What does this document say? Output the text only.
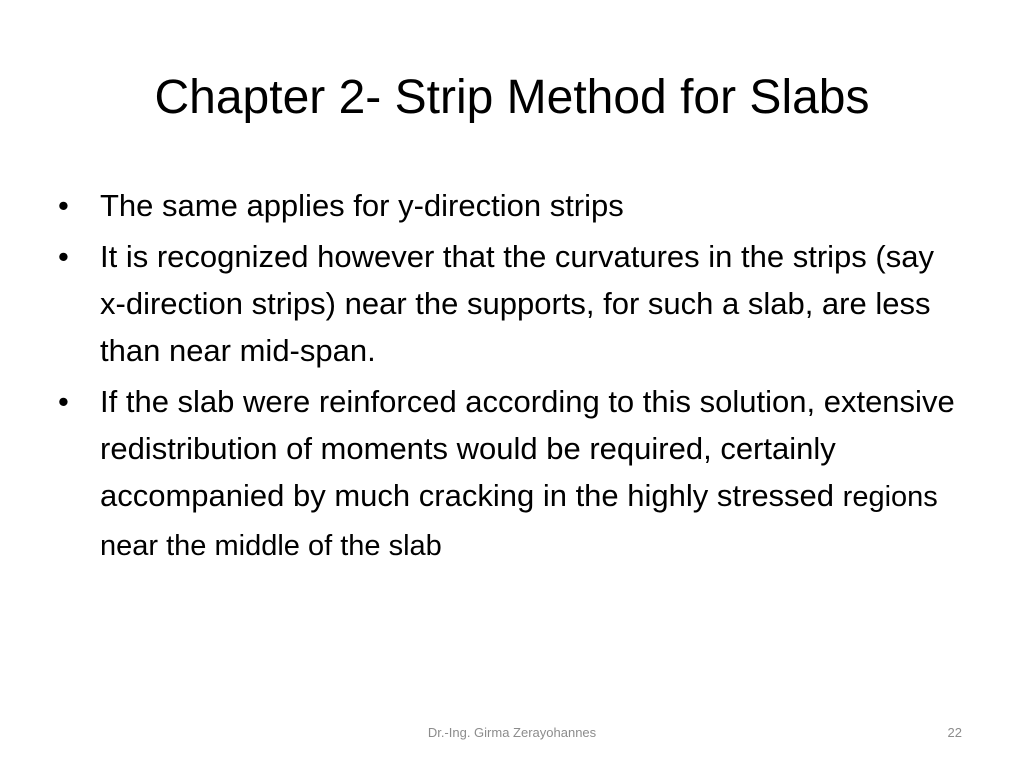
Chapter 2- Strip Method for Slabs
• The same applies for y-direction strips
• It is recognized however that the curvatures in the strips (say x-direction strips) near the supports, for such a slab, are less than near mid-span.
• If the slab were reinforced according to this solution, extensive redistribution of moments would be required, certainly accompanied by much cracking in the highly stressed regions near the middle of the slab
Dr.-Ing. Girma Zerayohannes	22
